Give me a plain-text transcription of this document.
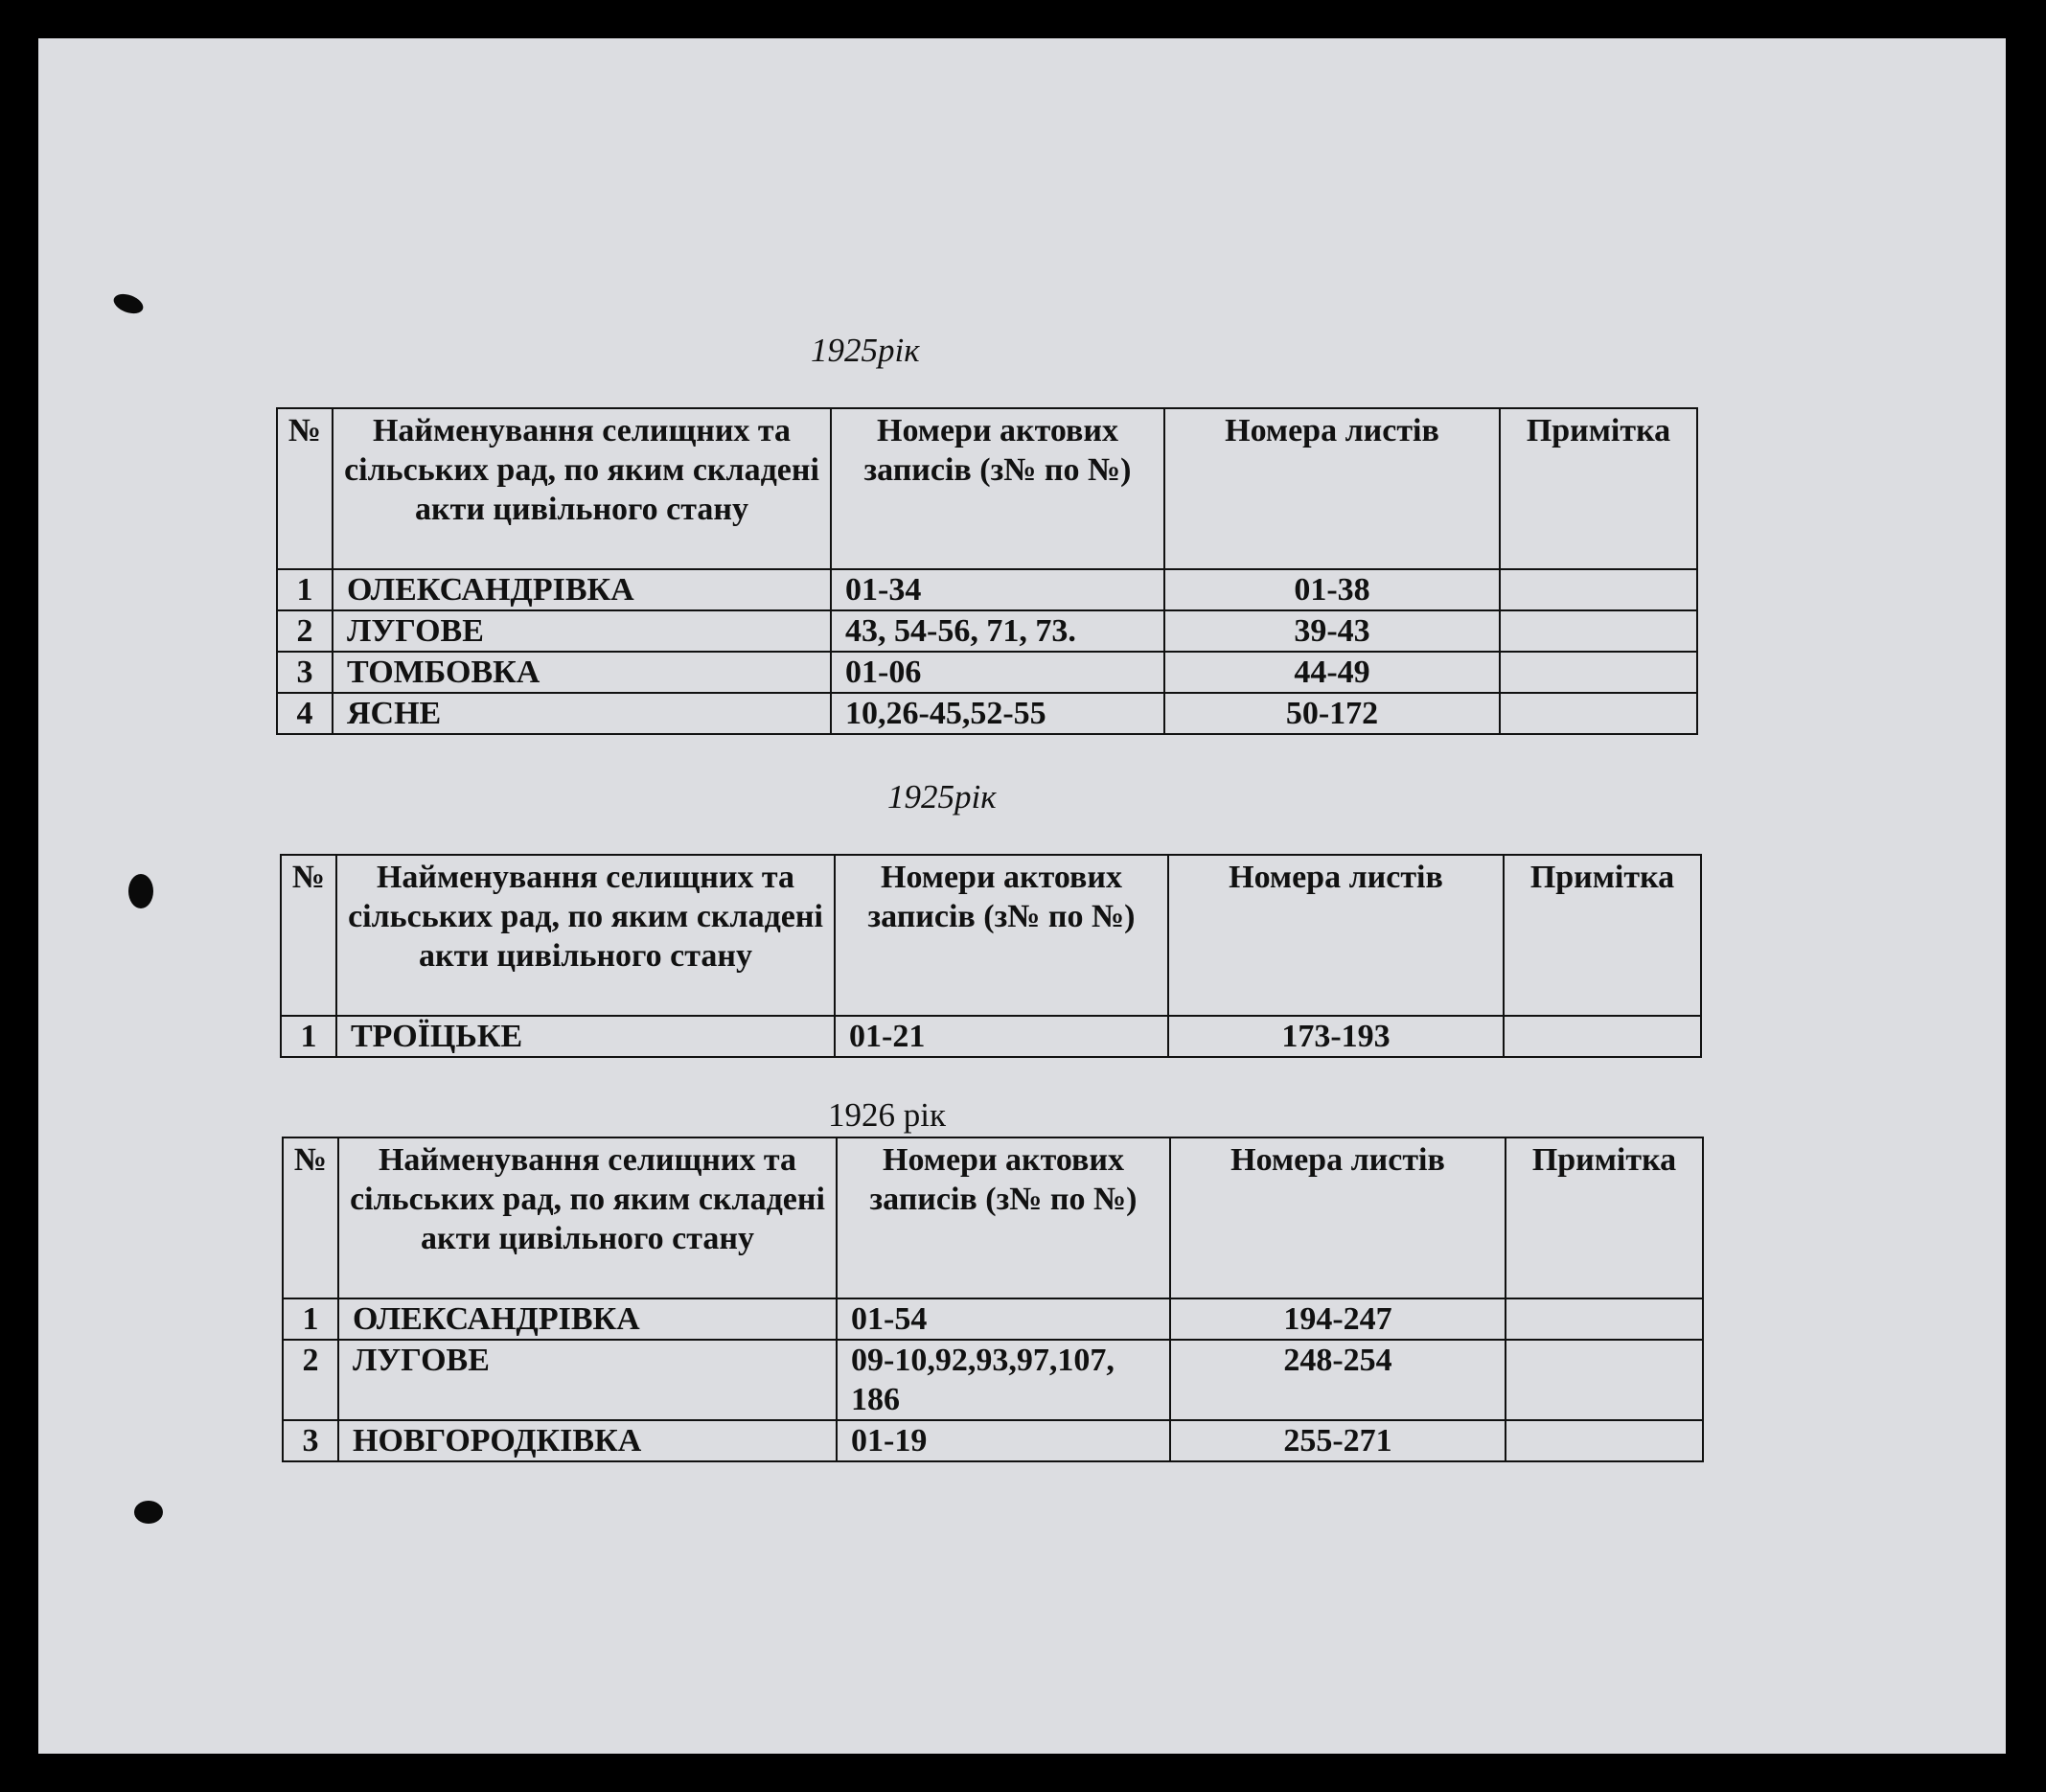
1925рік
№	Найменування селищних та сільських рад, по яким складені акти цивільного стану	Номери актових записів (з№ по №)	Номера листів	Примітка
1	ОЛЕКСАНДРІВКА	01-34	01-38	
2	ЛУГОВЕ	43, 54-56, 71, 73.	39-43	
3	ТОМБОВКА	01-06	44-49	
4	ЯСНЕ	10,26-45,52-55	50-172	
1925рік
№	Найменування селищних та сільських рад, по яким складені акти цивільного стану	Номери актових записів (з№ по №)	Номера листів	Примітка
1	ТРОЇЦЬКЕ	01-21	173-193	
1926 рік
№	Найменування селищних та сільських рад, по яким складені акти цивільного стану	Номери актових записів (з№ по №)	Номера листів	Примітка
1	ОЛЕКСАНДРІВКА	01-54	194-247	
2	ЛУГОВЕ	09-10,92,93,97,107, 186	248-254	
3	НОВГОРОДКІВКА	01-19	255-271	
